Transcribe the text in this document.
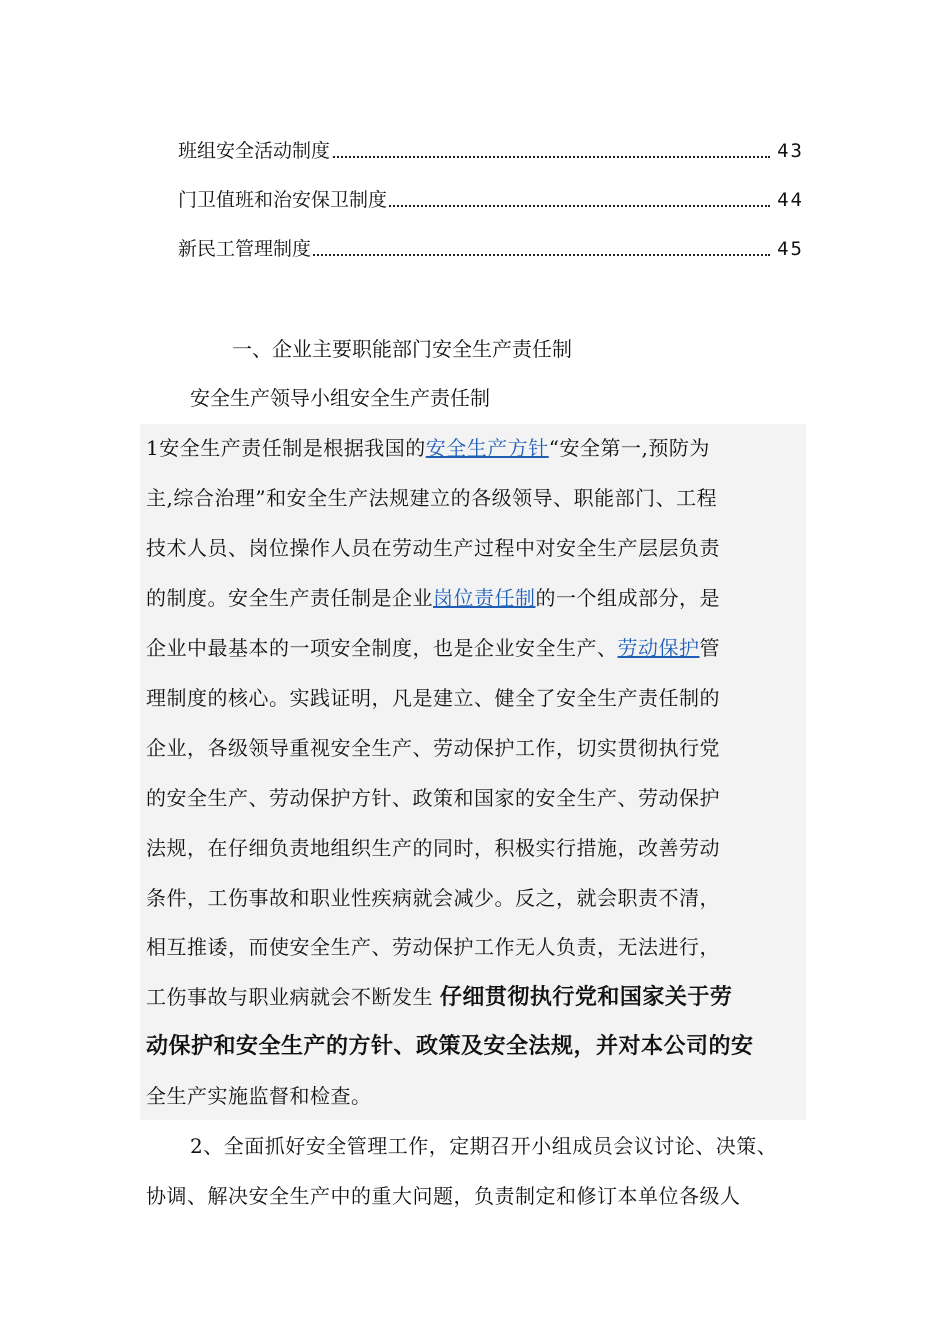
班组安全活动制度	43
门卫值班和治安保卫制度	44
新民工管理制度	45
一、企业主要职能部门安全生产责任制
安全生产领导小组安全生产责任制
1安全生产责任制是根据我国的安全生产方针“安全第一,预防为
主,综合治理”和安全生产法规建立的各级领导、职能部门、工程
技术人员、岗位操作人员在劳动生产过程中对安全生产层层负责
的制度。安全生产责任制是企业岗位责任制的一个组成部分，是
企业中最基本的一项安全制度，也是企业安全生产、劳动保护管
理制度的核心。实践证明，凡是建立、健全了安全生产责任制的
企业，各级领导重视安全生产、劳动保护工作，切实贯彻执行党
的安全生产、劳动保护方针、政策和国家的安全生产、劳动保护
法规，在仔细负责地组织生产的同时，积极实行措施，改善劳动
条件，工伤事故和职业性疾病就会减少。反之，就会职责不清，
相互推诿，而使安全生产、劳动保护工作无人负责，无法进行，
工伤事故与职业病就会不断发生 仔细贯彻执行党和国家关于劳
动保护和安全生产的方针、政策及安全法规，并对本公司的安
全生产实施监督和检查。
2、全面抓好安全管理工作，定期召开小组成员会议讨论、决策、
协调、解决安全生产中的重大问题，负责制定和修订本单位各级人
